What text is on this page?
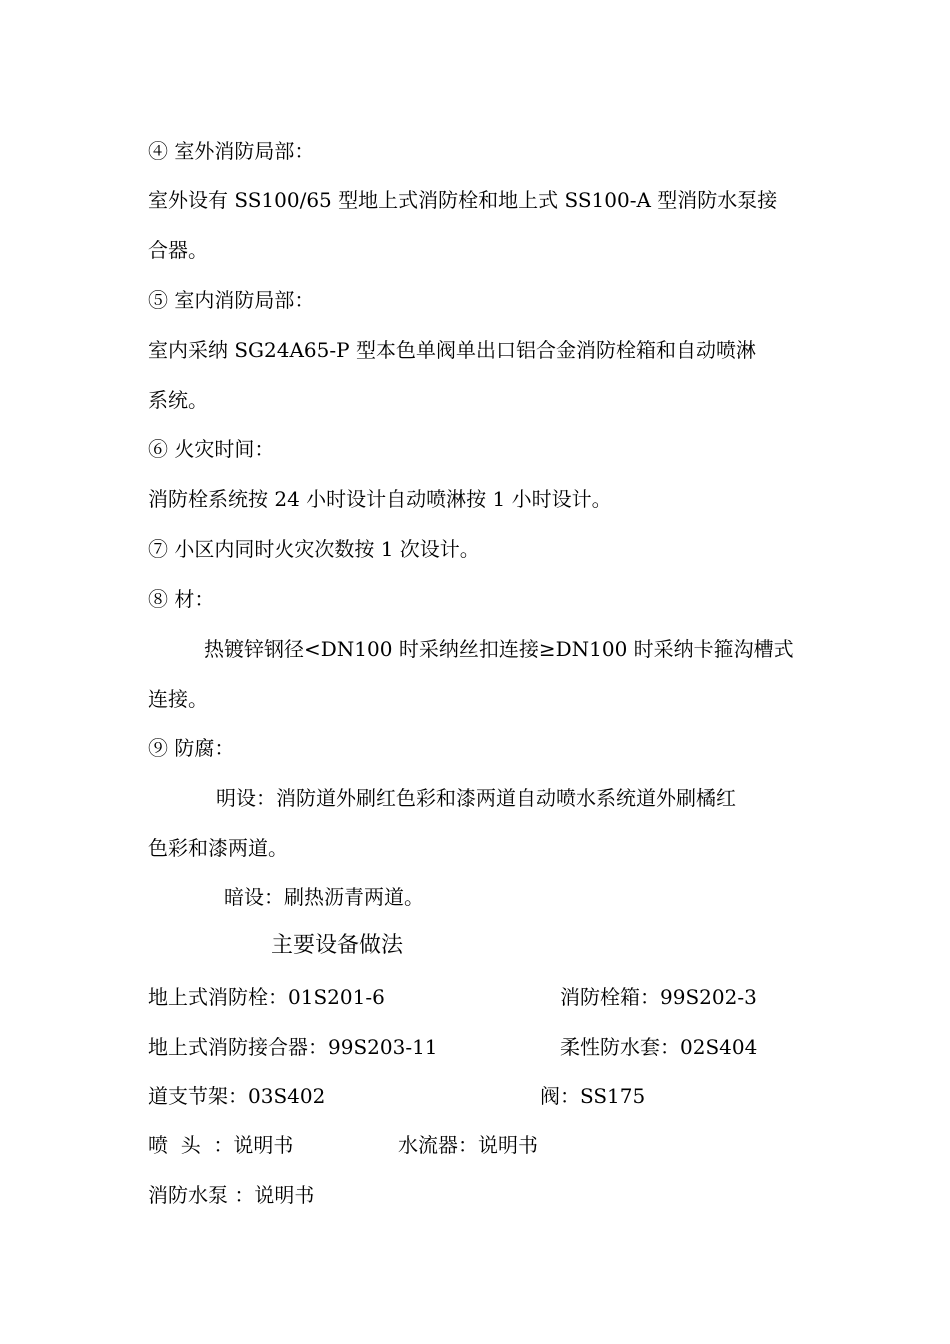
④ 室外消防局部：
室外设有 SS100/65 型地上式消防栓和地上式 SS100-A 型消防水泵接
合器。
⑤ 室内消防局部：
室内采纳 SG24A65-P 型本色单阀单出口铝合金消防栓箱和自动喷淋
系统。
⑥ 火灾时间：
消防栓系统按 24 小时设计自动喷淋按 1 小时设计。
⑦ 小区内同时火灾次数按 1 次设计。
⑧ 材：
热镀锌钢径<DN100 时采纳丝扣连接≥DN100 时采纳卡箍沟槽式
连接。
⑨ 防腐：
明设：消防道外刷红色彩和漆两道自动喷水系统道外刷橘红
色彩和漆两道。
暗设：刷热沥青两道。
主要设备做法
地上式消防栓：01S201-6	消防栓箱：99S202-3
地上式消防接合器：99S203-11	柔性防水套：02S404
道支节架：03S402	阀：SS175
喷  头  ：说明书	水流器：说明书
消防水泵 ：说明书
